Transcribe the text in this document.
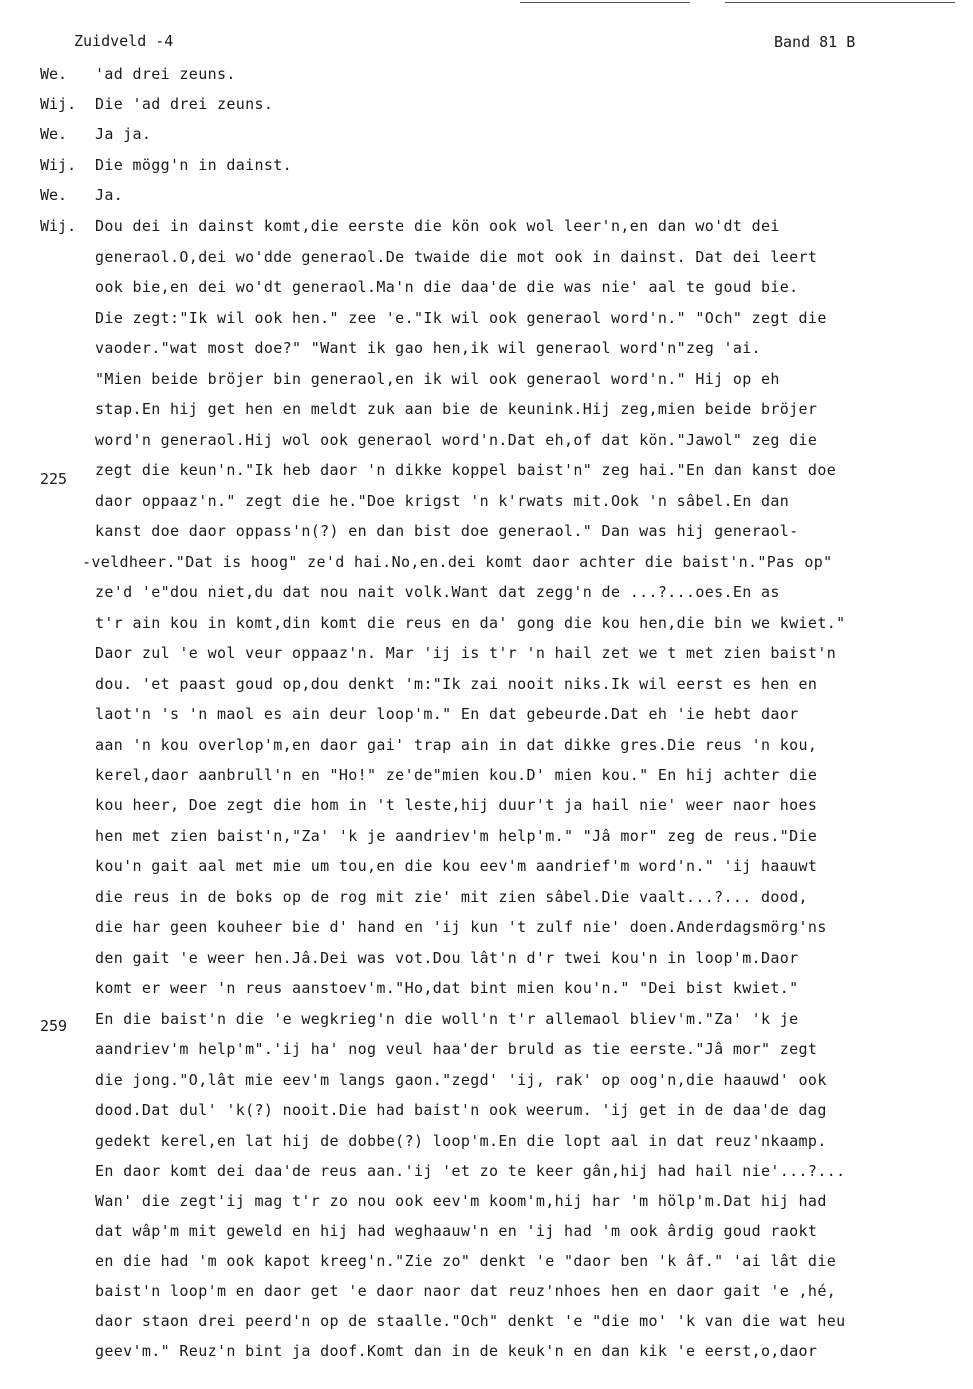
Zuidveld -4	Band 81 B
We.
Wij.
We.
Wij.
We.
Wij.
225
259
'ad drei zeuns.
Die 'ad drei zeuns.
Ja ja.
Die mögg'n in dainst.
Ja.
Dou dei in dainst komt,die eerste die kön ook wol leer'n,en dan wo'dt dei
generaol.O,dei wo'dde generaol.De twaide die mot ook in dainst. Dat dei leert
ook bie,en dei wo'dt generaol.Ma'n die daa'de die was nie' aal te goud bie.
Die zegt:"Ik wil ook hen." zee 'e."Ik wil ook generaol word'n." "Och" zegt die
vaoder."wat most doe?" "Want ik gao hen,ik wil generaol word'n"zeg 'ai.
"Mien beide bröjer bin generaol,en ik wil ook generaol word'n." Hij op eh
stap.En hij get hen en meldt zuk aan bie de keunink.Hij zeg,mien beide bröjer
word'n generaol.Hij wol ook generaol word'n.Dat eh,of dat kön."Jawol" zeg die
zegt die keun'n."Ik heb daor 'n dikke koppel baist'n" zeg hai."En dan kanst doe
daor oppaaz'n." zegt die he."Doe krigst 'n k'rwats mit.Ook 'n sâbel.En dan
kanst doe daor oppass'n(?) en dan bist doe generaol." Dan was hij generaol-
-veldheer."Dat is hoog" ze'd hai.No,en.dei komt daor achter die baist'n."Pas op"
ze'd 'e"dou niet,du dat nou nait volk.Want dat zegg'n de ...?...oes.En as
t'r ain kou in komt,din komt die reus en da' gong die kou hen,die bin we kwiet."
Daor zul 'e wol veur oppaaz'n. Mar 'ij is t'r 'n hail zet we t met zien baist'n
dou. 'et paast goud op,dou denkt 'm:"Ik zai nooit niks.Ik wil eerst es hen en
laot'n 's 'n maol es ain deur loop'm." En dat gebeurde.Dat eh 'ie hebt daor
aan 'n kou overlop'm,en daor gai' trap ain in dat dikke gres.Die reus 'n kou,
kerel,daor aanbrull'n en "Ho!" ze'de"mien kou.D' mien kou." En hij achter die
kou heer, Doe zegt die hom in 't leste,hij duur't ja hail nie' weer naor hoes
hen met zien baist'n,"Za' 'k je aandriev'm help'm." "Jâ mor" zeg de reus."Die
kou'n gait aal met mie um tou,en die kou eev'm aandrief'm word'n." 'ij haauwt
die reus in de boks op de rog mit zie' mit zien sâbel.Die vaalt...?... dood,
die har geen kouheer bie d' hand en 'ij kun 't zulf nie' doen.Anderdagsmörg'ns
den gait 'e weer hen.Jâ.Dei was vot.Dou lât'n d'r twei kou'n in loop'm.Daor
komt er weer 'n reus aanstoev'm."Ho,dat bint mien kou'n." "Dei bist kwiet."
En die baist'n die 'e wegkrieg'n die woll'n t'r allemaol bliev'm."Za' 'k je
aandriev'm help'm".'ij ha' nog veul haa'der bruld as tie eerste."Jâ mor" zegt
die jong."O,lât mie eev'm langs gaon."zegd' 'ij, rak' op oog'n,die haauwd' ook
dood.Dat dul' 'k(?) nooit.Die had baist'n ook weerum. 'ij get in de daa'de dag
gedekt kerel,en lat hij de dobbe(?) loop'm.En die lopt aal in dat reuz'nkaamp.
En daor komt dei daa'de reus aan.'ij 'et zo te keer gân,hij had hail nie'...?...
Wan' die zegt'ij mag t'r zo nou ook eev'm koom'm,hij har 'm hölp'm.Dat hij had
dat wâp'm mit geweld en hij had weghaauw'n en 'ij had 'm ook ârdig goud raokt
en die had 'm ook kapot kreeg'n."Zie zo" denkt 'e "daor ben 'k âf." 'ai lât die
baist'n loop'm en daor get 'e daor naor dat reuz'nhoes hen en daor gait 'e ,hé,
daor staon drei peerd'n op de staalle."Och" denkt 'e "die mo' 'k van die wat heu
geev'm." Reuz'n bint ja doof.Komt dan in de keuk'n en dan kik 'e eerst,o,daor
